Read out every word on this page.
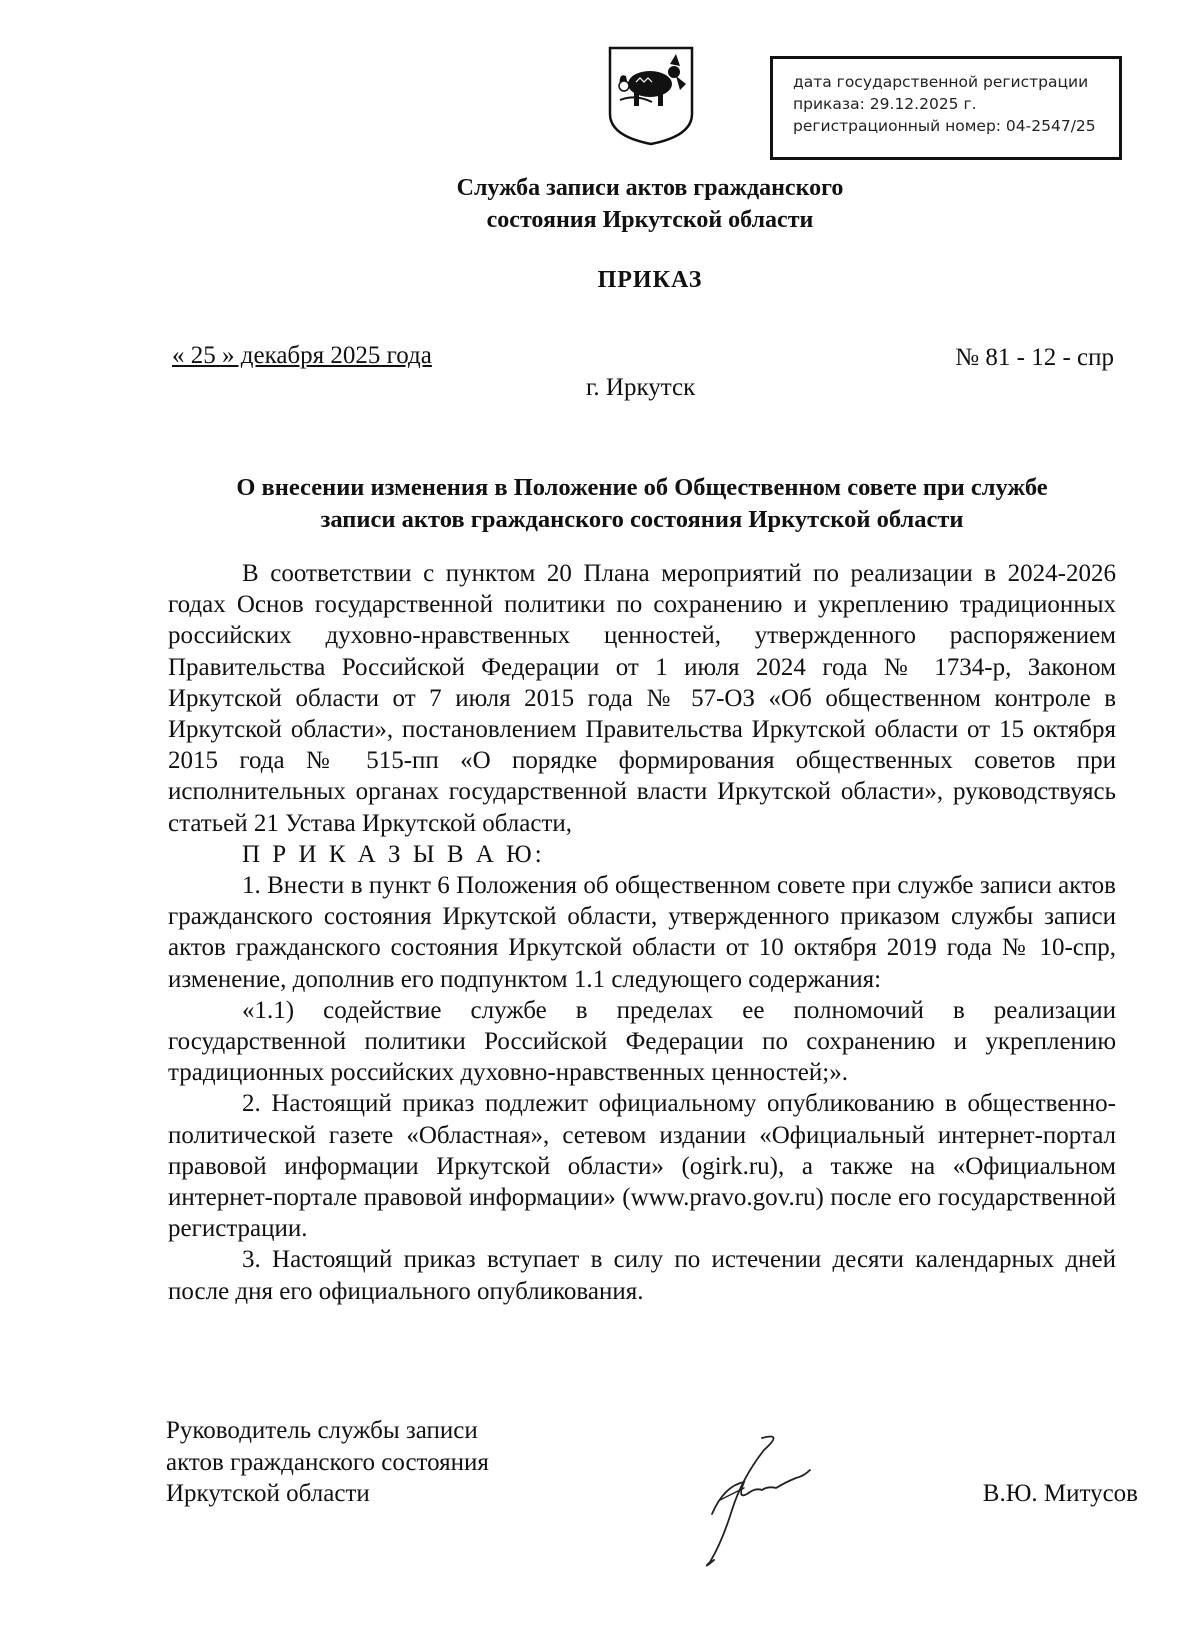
дата государственной регистрации
приказа: 29.12.2025 г.
регистрационный номер: 04-2547/25
Служба записи актов гражданского
состояния Иркутской области
ПРИКАЗ
« 25 » декабря 2025 года	№ 81 - 12 - спр
г. Иркутск
О внесении изменения в Положение об Общественном совете при службе
записи актов гражданского состояния Иркутской области

В соответствии с пунктом 20 Плана мероприятий по реализации в 2024-2026 годах Основ государственной политики по сохранению и укреплению традиционных российских духовно-нравственных ценностей, утвержденного распоряжением Правительства Российской Федерации от 1 июля 2024 года № 1734-р, Законом Иркутской области от 7 июля 2015 года № 57-ОЗ «Об общественном контроле в Иркутской области», постановлением Правительства Иркутской области от 15 октября 2015 года № 515-пп «О порядке формирования общественных советов при исполнительных органах государственной власти Иркутской области», руководствуясь статьей 21 Устава Иркутской области,

П Р И К А З Ы В А Ю:

1. Внести в пункт 6 Положения об общественном совете при службе записи актов гражданского состояния Иркутской области, утвержденного приказом службы записи актов гражданского состояния Иркутской области от 10 октября 2019 года № 10-спр, изменение, дополнив его подпунктом 1.1 следующего содержания:

«1.1) содействие службе в пределах ее полномочий в реализации государственной политики Российской Федерации по сохранению и укреплению традиционных российских духовно-нравственных ценностей;».

2. Настоящий приказ подлежит официальному опубликованию в общественно-политической газете «Областная», сетевом издании «Официальный интернет-портал правовой информации Иркутской области» (ogirk.ru), а также на «Официальном интернет-портале правовой информации» (www.pravo.gov.ru) после его государственной регистрации.

3. Настоящий приказ вступает в силу по истечении десяти календарных дней после дня его официального опубликования.

Руководитель службы записи
актов гражданского состояния
Иркутской области	В.Ю. Митусов
